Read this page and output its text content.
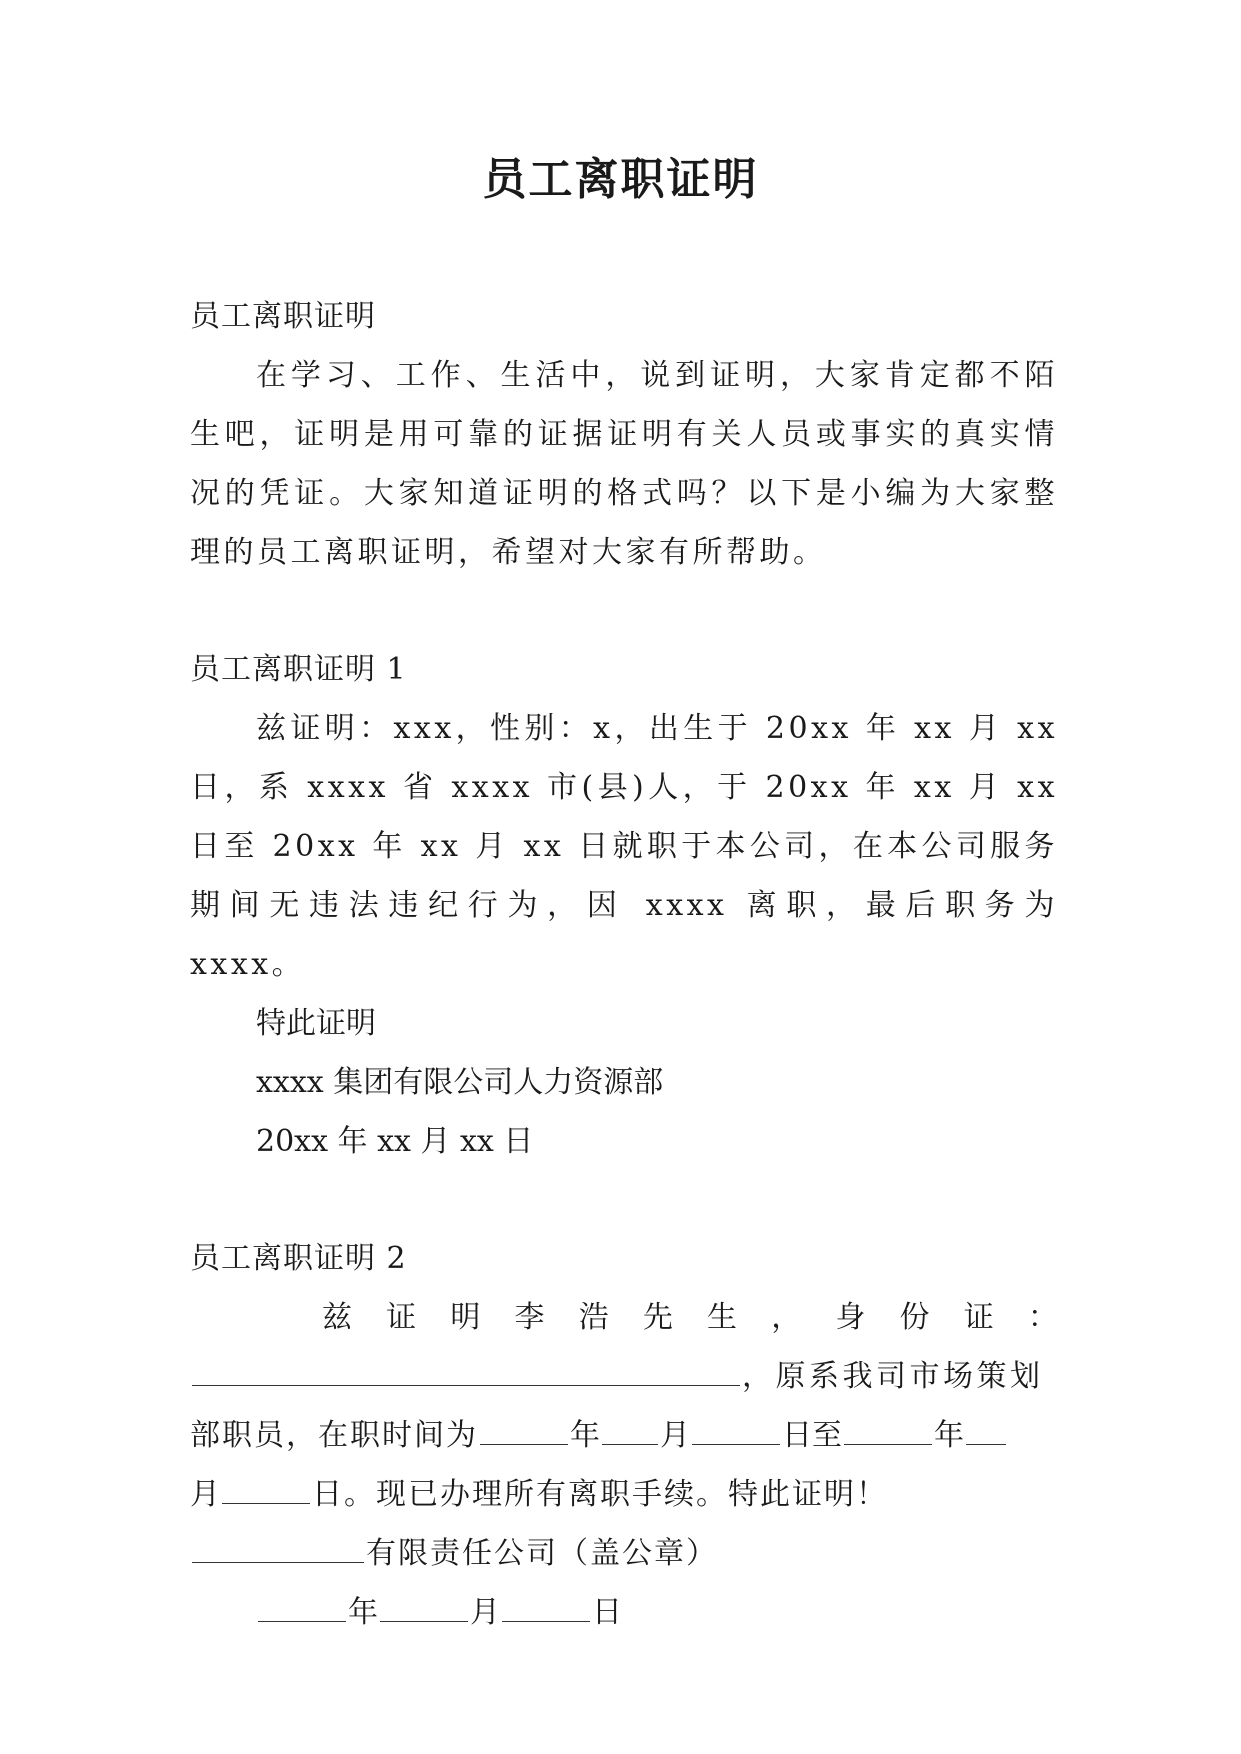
员工离职证明
员工离职证明
在学习、工作、生活中，说到证明，大家肯定都不陌生吧，证明是用可靠的证据证明有关人员或事实的真实情况的凭证。大家知道证明的格式吗？以下是小编为大家整理的员工离职证明，希望对大家有所帮助。
员工离职证明 1
兹证明：xxx，性别：x，出生于 20xx 年 xx 月 xx 日，系 xxxx 省 xxxx 市(县)人，于 20xx 年 xx 月 xx 日至 20xx 年 xx 月 xx 日就职于本公司，在本公司服务期间无违法违纪行为，因 xxxx 离职，最后职务为 xxxx。
特此证明
xxxx 集团有限公司人力资源部
20xx 年 xx 月 xx 日
员工离职证明 2
兹 证 明 李 浩 先 生 ， 身 份 证 ：
，原系我司市场策划
部职员，在职时间为	年 月	日至	年
月	日。现已办理所有离职手续。特此证明！
有限责任公司（盖公章）
年	月	日
